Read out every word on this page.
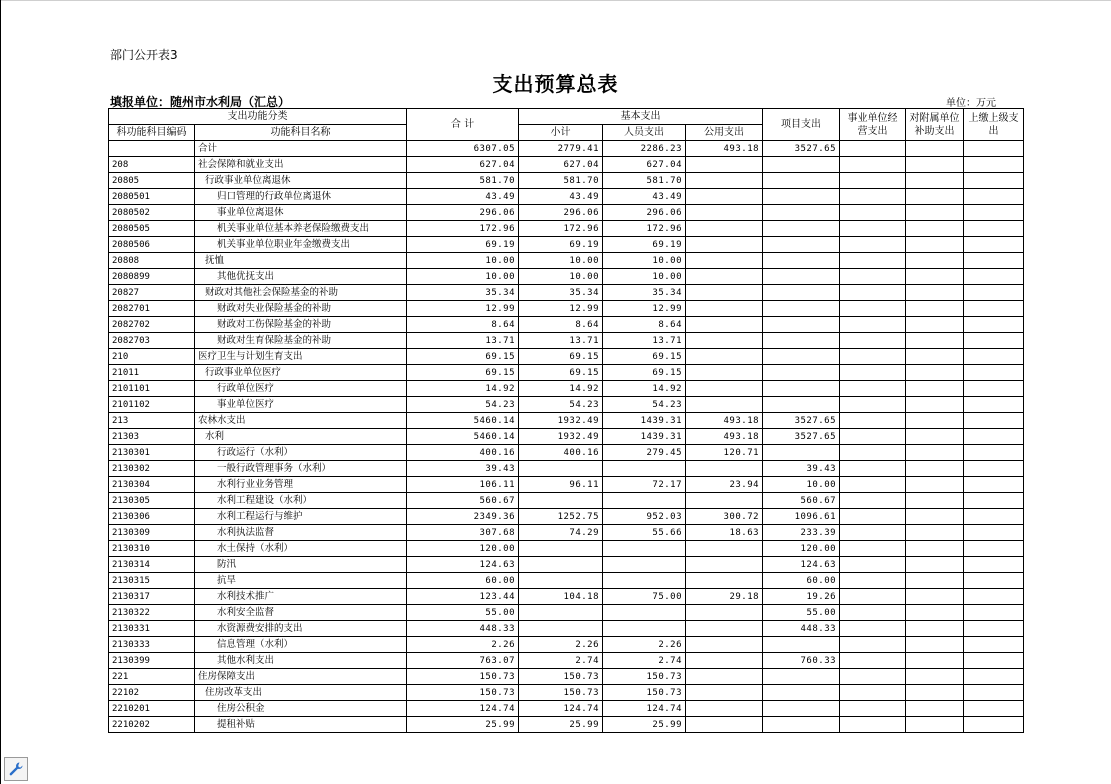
部门公开表3
支出预算总表
填报单位：随州市水利局（汇总）	单位：万元
支出功能分类		合 计	基本支出			项目支出	事业单位经营支出	对附属单位补助支出	上缴上级支出
科功能科目编码	功能科目名称		小计	人员支出	公用支出				
	合计	6307.05	2779.41	2286.23	493.18	3527.65			
208	社会保障和就业支出	627.04	627.04	627.04					
20805	行政事业单位离退休	581.70	581.70	581.70					
2080501	归口管理的行政单位离退休	43.49	43.49	43.49					
2080502	事业单位离退休	296.06	296.06	296.06					
2080505	机关事业单位基本养老保险缴费支出	172.96	172.96	172.96					
2080506	机关事业单位职业年金缴费支出	69.19	69.19	69.19					
20808	抚恤	10.00	10.00	10.00					
2080899	其他优抚支出	10.00	10.00	10.00					
20827	财政对其他社会保险基金的补助	35.34	35.34	35.34					
2082701	财政对失业保险基金的补助	12.99	12.99	12.99					
2082702	财政对工伤保险基金的补助	8.64	8.64	8.64					
2082703	财政对生育保险基金的补助	13.71	13.71	13.71					
210	医疗卫生与计划生育支出	69.15	69.15	69.15					
21011	行政事业单位医疗	69.15	69.15	69.15					
2101101	行政单位医疗	14.92	14.92	14.92					
2101102	事业单位医疗	54.23	54.23	54.23					
213	农林水支出	5460.14	1932.49	1439.31	493.18	3527.65			
21303	水利	5460.14	1932.49	1439.31	493.18	3527.65			
2130301	行政运行（水利）	400.16	400.16	279.45	120.71				
2130302	一般行政管理事务（水利）	39.43				39.43			
2130304	水利行业业务管理	106.11	96.11	72.17	23.94	10.00			
2130305	水利工程建设（水利）	560.67				560.67			
2130306	水利工程运行与维护	2349.36	1252.75	952.03	300.72	1096.61			
2130309	水利执法监督	307.68	74.29	55.66	18.63	233.39			
2130310	水土保持（水利）	120.00				120.00			
2130314	防汛	124.63				124.63			
2130315	抗旱	60.00				60.00			
2130317	水利技术推广	123.44	104.18	75.00	29.18	19.26			
2130322	水利安全监督	55.00				55.00			
2130331	水资源费安排的支出	448.33				448.33			
2130333	信息管理（水利）	2.26	2.26	2.26					
2130399	其他水利支出	763.07	2.74	2.74		760.33			
221	住房保障支出	150.73	150.73	150.73					
22102	住房改革支出	150.73	150.73	150.73					
2210201	住房公积金	124.74	124.74	124.74					
2210202	提租补贴	25.99	25.99	25.99					
